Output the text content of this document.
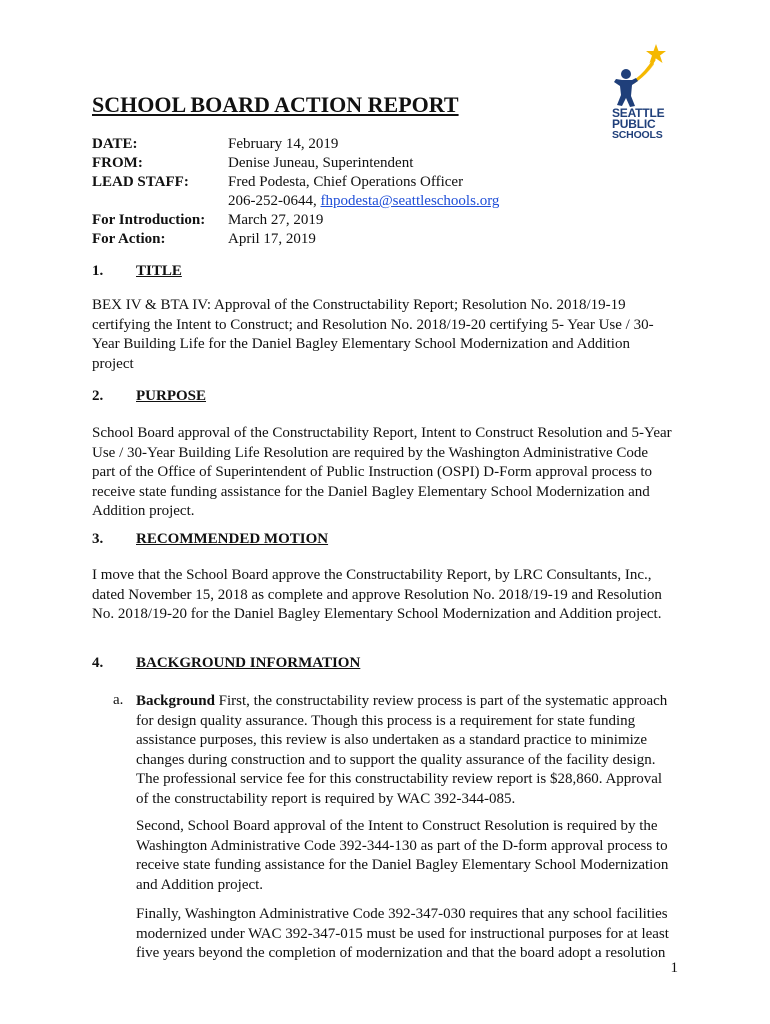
SEATTLE
PUBLIC
SCHOOLS
SCHOOL BOARD ACTION REPORT
DATE:	February 14, 2019
FROM:	Denise Juneau, Superintendent
LEAD STAFF:	Fred Podesta, Chief Operations Officer
206-252-0644, fhpodesta@seattleschools.org
For Introduction: March 27, 2019
For Action:	April 17, 2019
1. TITLE
BEX IV & BTA IV: Approval of the Constructability Report; Resolution No. 2018/19-19
certifying the Intent to Construct; and Resolution No. 2018/19-20 certifying 5- Year Use / 30-
Year Building Life for the Daniel Bagley Elementary School Modernization and Addition
project
2. PURPOSE
School Board approval of the Constructability Report, Intent to Construct Resolution and 5-Year
Use / 30-Year Building Life Resolution are required by the Washington Administrative Code
part of the Office of Superintendent of Public Instruction (OSPI) D-Form approval process to
receive state funding assistance for the Daniel Bagley Elementary School Modernization and
Addition project.
3. RECOMMENDED MOTION
I move that the School Board approve the Constructability Report, by LRC Consultants, Inc.,
dated November 15, 2018 as complete and approve Resolution No. 2018/19-19 and Resolution
No. 2018/19-20 for the Daniel Bagley Elementary School Modernization and Addition project.
4. BACKGROUND INFORMATION
a. Background First, the constructability review process is part of the systematic approach
for design quality assurance. Though this process is a requirement for state funding
assistance purposes, this review is also undertaken as a standard practice to minimize
changes during construction and to support the quality assurance of the facility design.
The professional service fee for this constructability review report is $28,860. Approval
of the constructability report is required by WAC 392-344-085.
Second, School Board approval of the Intent to Construct Resolution is required by the
Washington Administrative Code 392-344-130 as part of the D-form approval process to
receive state funding assistance for the Daniel Bagley Elementary School Modernization
and Addition project.
Finally, Washington Administrative Code 392-347-030 requires that any school facilities
modernized under WAC 392-347-015 must be used for instructional purposes for at least
five years beyond the completion of modernization and that the board adopt a resolution
1
